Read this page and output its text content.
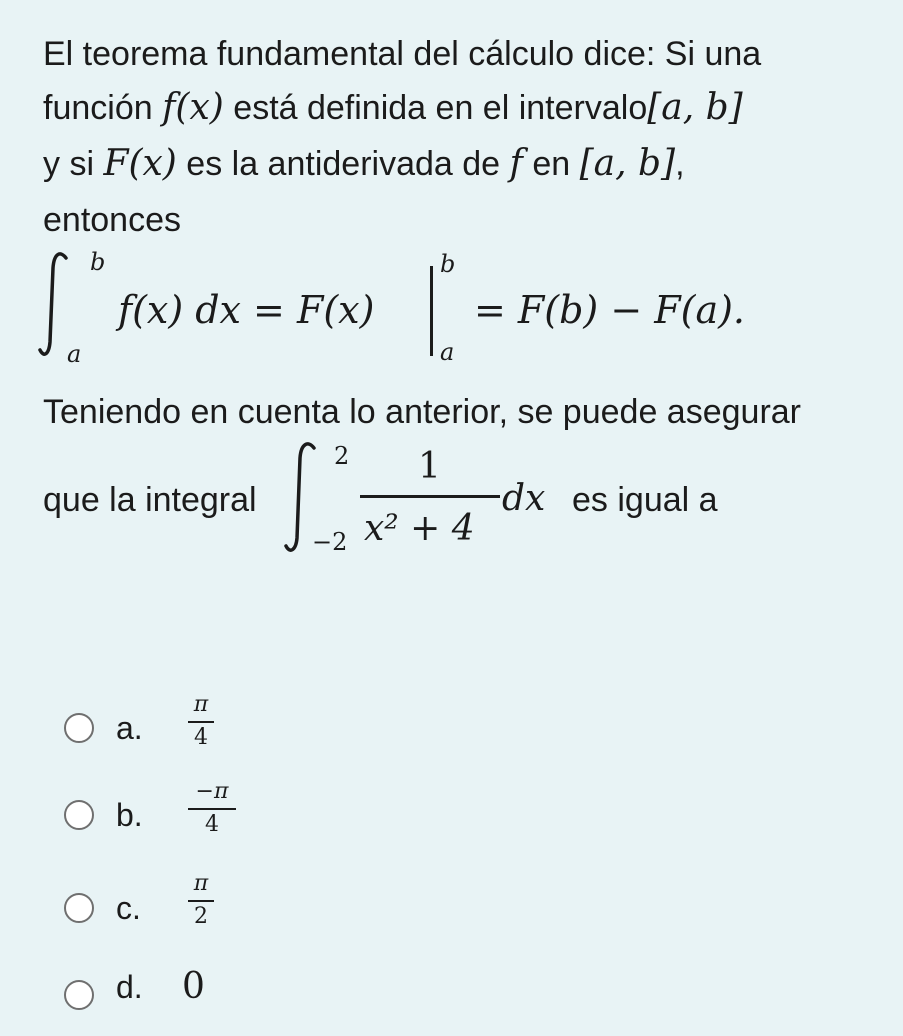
El teorema fundamental del cálculo dice: Si una
función f(x) está definida en el intervalo[a, b]
y si F(x) es la antiderivada de f en [a, b],
entonces
b
a
f(x) dx = F(x)
b
a
= F(b) − F(a).
Teniendo en cuenta lo anterior, se puede asegurar
que la integral
2
−2
1
x² + 4
dx es igual a
a.
π
4
b.
−π
4
c.
π
2
d. 0
